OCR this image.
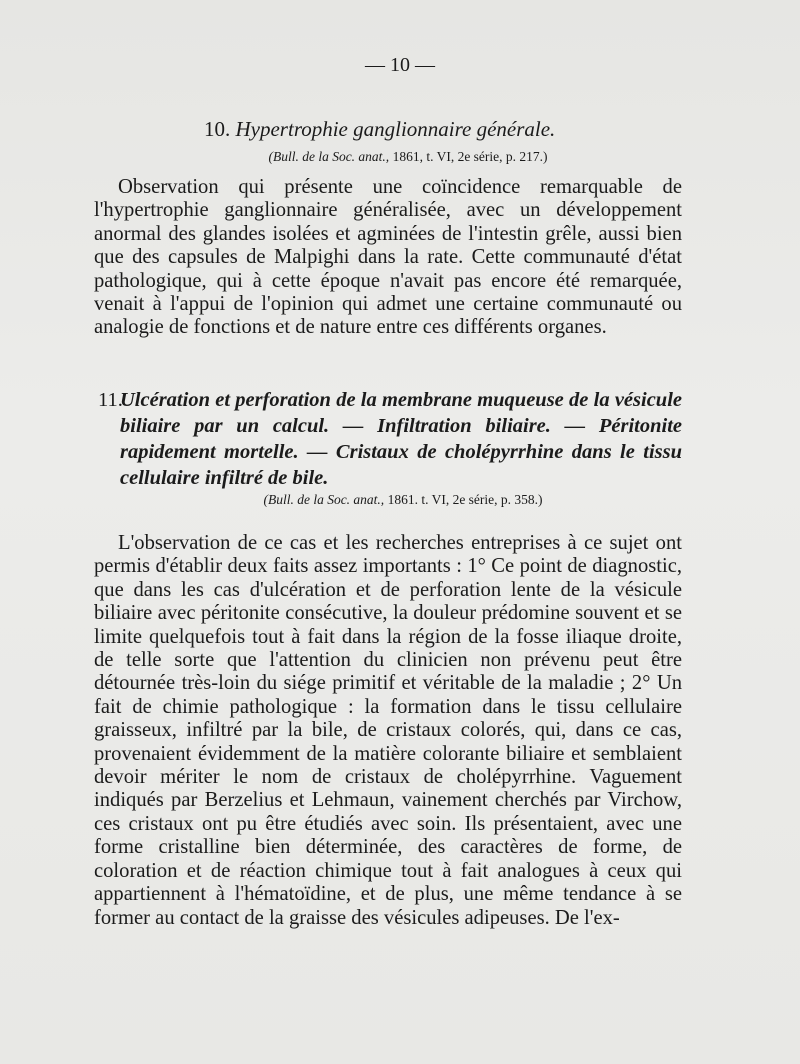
— 10 —
10. Hypertrophie ganglionnaire générale.
(Bull. de la Soc. anat., 1861, t. VI, 2e série, p. 217.)
Observation qui présente une coïncidence remarquable de l'hypertrophie ganglionnaire généralisée, avec un développement anormal des glandes isolées et agminées de l'intestin grêle, aussi bien que des capsules de Malpighi dans la rate. Cette communauté d'état pathologique, qui à cette époque n'avait pas encore été remarquée, venait à l'appui de l'opinion qui admet une certaine communauté ou analogie de fonctions et de nature entre ces différents organes.
11.Ulcération et perforation de la membrane muqueuse de la vésicule biliaire par un calcul. — Infiltration biliaire. — Péritonite rapidement mortelle. — Cristaux de cholépyrrhine dans le tissu cellulaire infiltré de bile.
(Bull. de la Soc. anat., 1861. t. VI, 2e série, p. 358.)
L'observation de ce cas et les recherches entreprises à ce sujet ont permis d'établir deux faits assez importants : 1° Ce point de diagnostic, que dans les cas d'ulcération et de perforation lente de la vésicule biliaire avec péritonite consécutive, la douleur prédomine souvent et se limite quelquefois tout à fait dans la région de la fosse iliaque droite, de telle sorte que l'attention du clinicien non prévenu peut être détournée très-loin du siége primitif et véritable de la maladie ; 2° Un fait de chimie pathologique : la formation dans le tissu cellulaire graisseux, infiltré par la bile, de cristaux colorés, qui, dans ce cas, provenaient évidemment de la matière colorante biliaire et semblaient devoir mériter le nom de cristaux de cholépyrrhine. Vaguement indiqués par Berzelius et Lehmaun, vainement cherchés par Virchow, ces cristaux ont pu être étudiés avec soin. Ils présentaient, avec une forme cristalline bien déterminée, des caractères de forme, de coloration et de réaction chimique tout à fait analogues à ceux qui appartiennent à l'hématoïdine, et de plus, une même tendance à se former au contact de la graisse des vésicules adipeuses. De l'ex-
